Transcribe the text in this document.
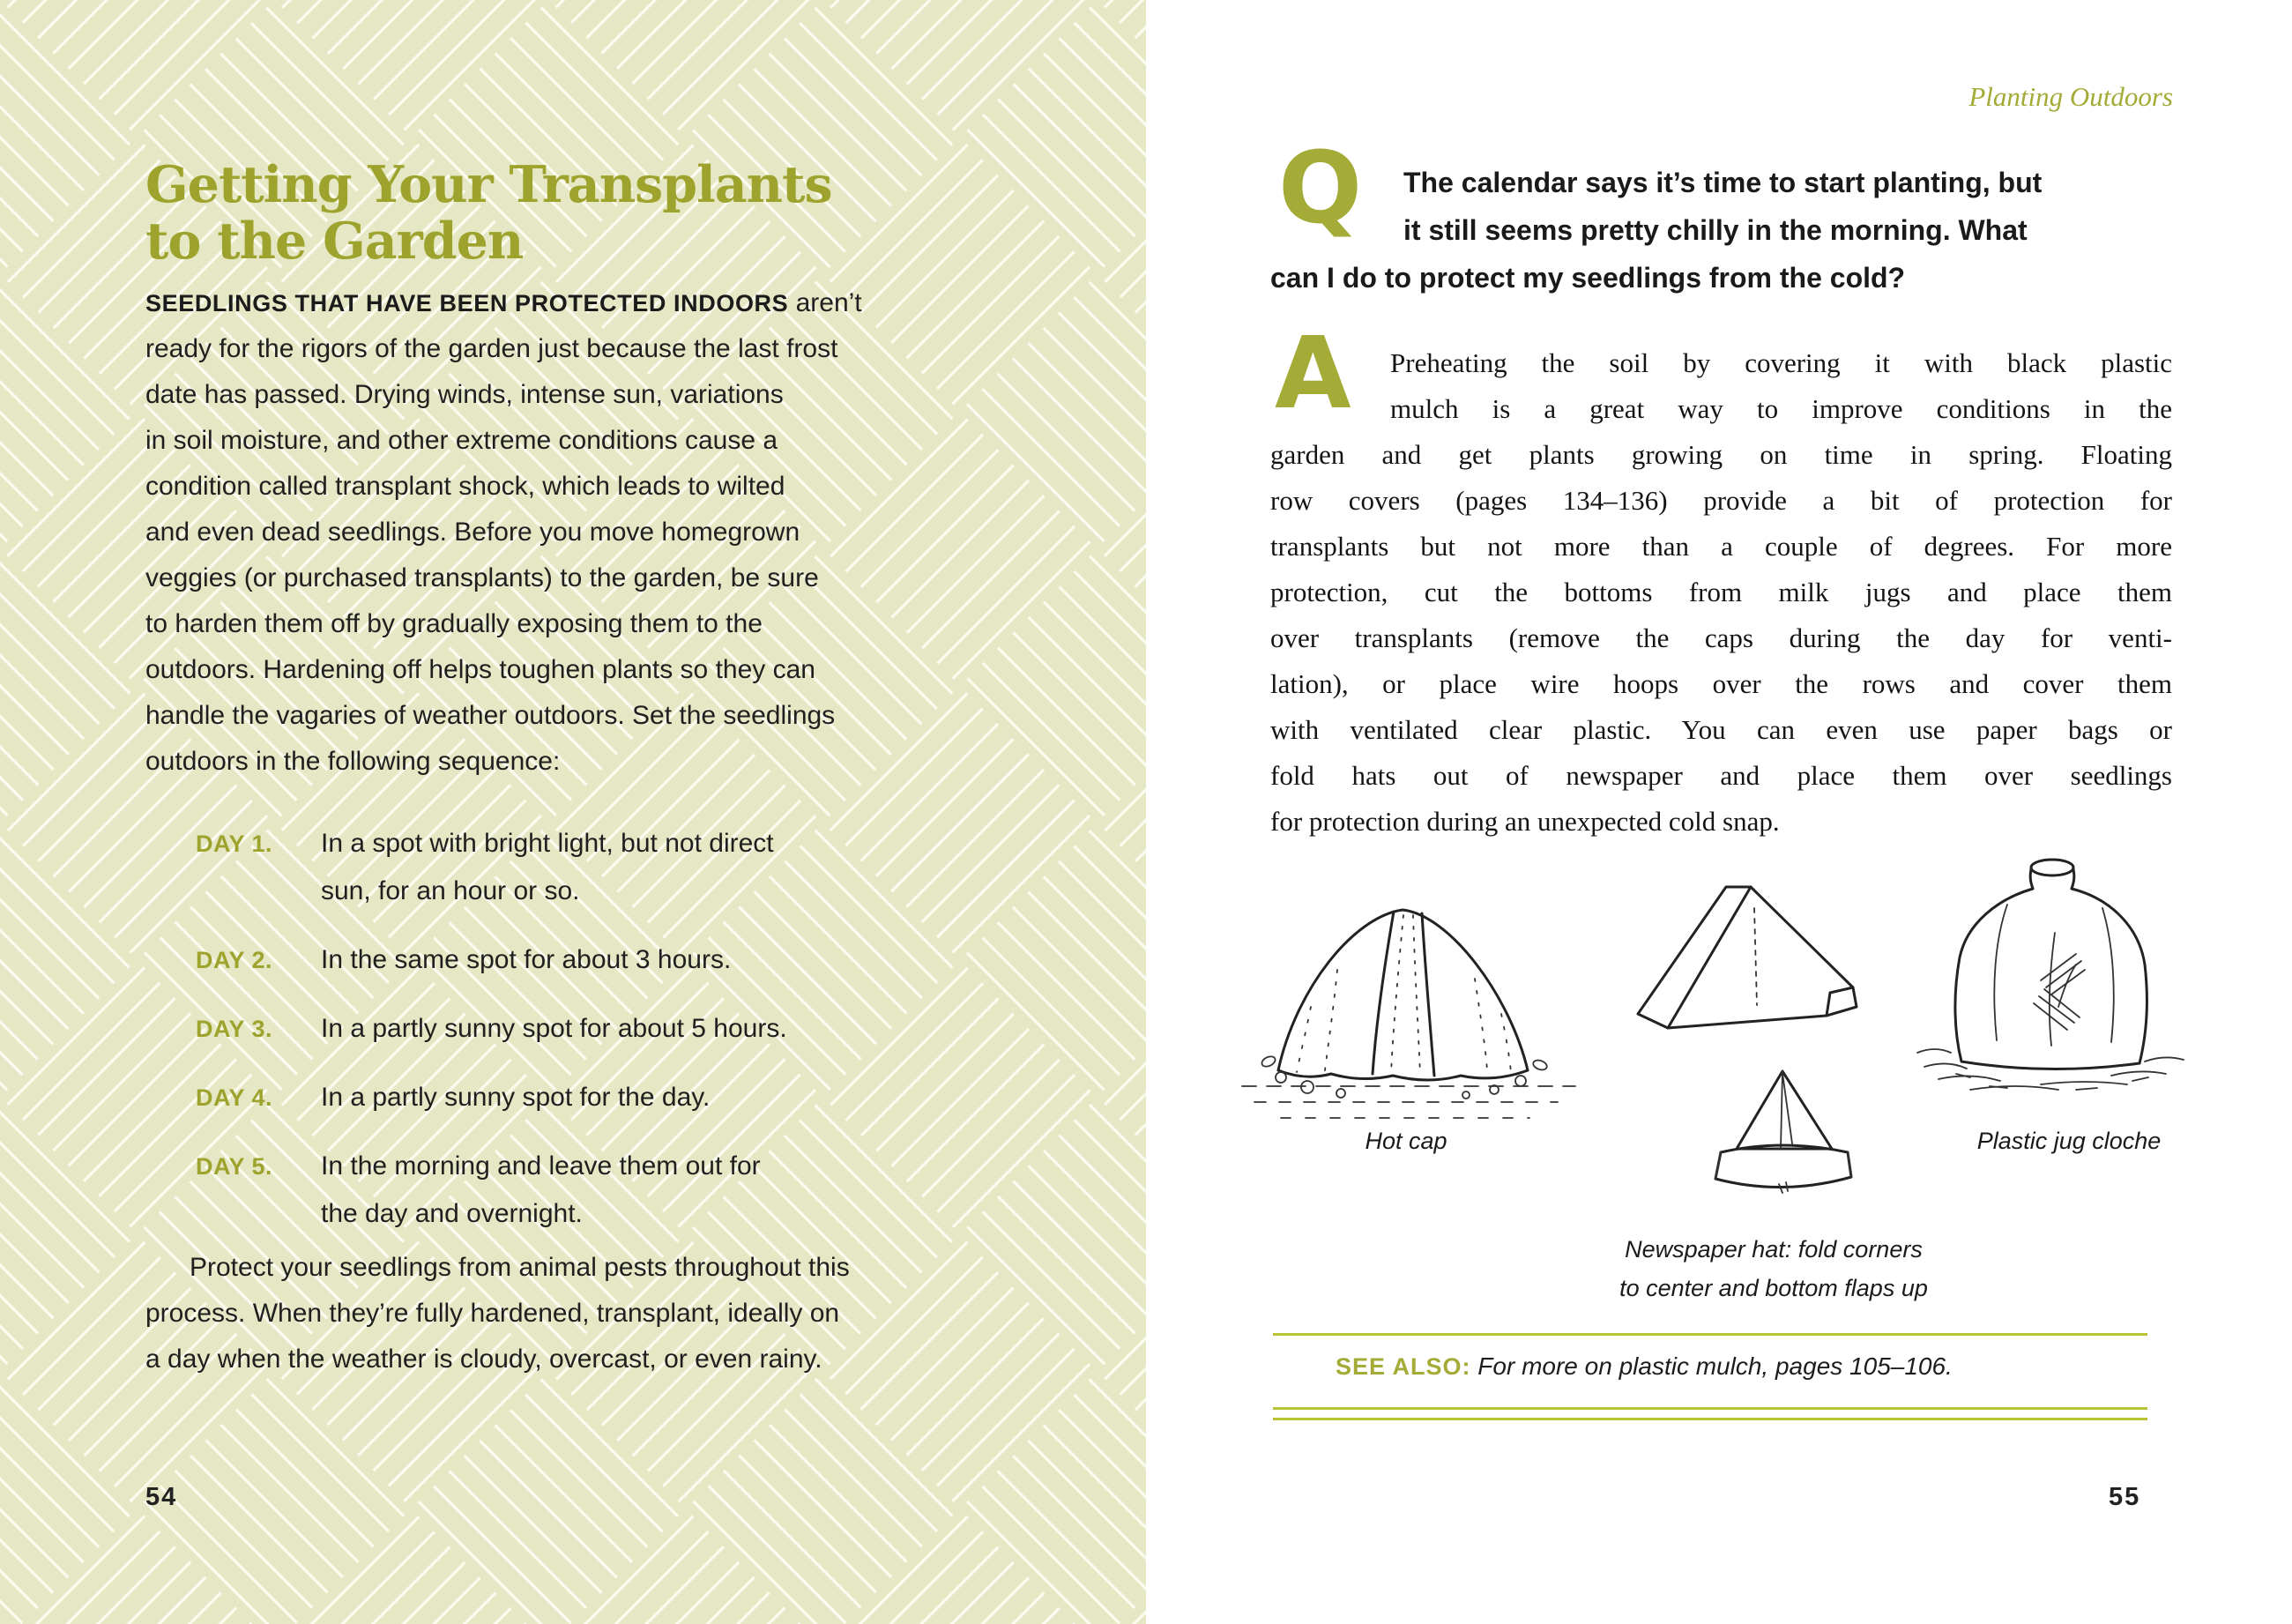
Getting Your Transplants
to the Garden
SEEDLINGS THAT HAVE BEEN PROTECTED INDOORS aren’t
ready for the rigors of the garden just because the last frost
date has passed. Drying winds, intense sun, variations
in soil moisture, and other extreme conditions cause a
condition called transplant shock, which leads to wilted
and even dead seedlings. Before you move homegrown
veggies (or purchased transplants) to the garden, be sure
to harden them off by gradually exposing them to the
outdoors. Hardening off helps toughen plants so they can
handle the vagaries of weather outdoors. Set the seedlings
outdoors in the following sequence:
DAY 1. In a spot with bright light, but not direct
sun, for an hour or so.
DAY 2. In the same spot for about 3 hours.
DAY 3. In a partly sunny spot for about 5 hours.
DAY 4. In a partly sunny spot for the day.
DAY 5. In the morning and leave them out for
the day and overnight.
Protect your seedlings from animal pests throughout this
process. When they’re fully hardened, transplant, ideally on
a day when the weather is cloudy, overcast, or even rainy.
54
Planting Outdoors
Q The calendar says it’s time to start planting, but
it still seems pretty chilly in the morning. What
can I do to protect my seedlings from the cold?
A Preheating the soil by covering it with black plastic
mulch is a great way to improve conditions in the
garden and get plants growing on time in spring. Floating
row covers (pages 134–136) provide a bit of protection for
transplants but not more than a couple of degrees. For more
protection, cut the bottoms from milk jugs and place them
over transplants (remove the caps during the day for venti-
lation), or place wire hoops over the rows and cover them
with ventilated clear plastic. You can even use paper bags or
fold hats out of newspaper and place them over seedlings
for protection during an unexpected cold snap.
Hot cap	Plastic jug cloche
Newspaper hat: fold corners
to center and bottom flaps up
SEE ALSO: For more on plastic mulch, pages 105–106.
55
